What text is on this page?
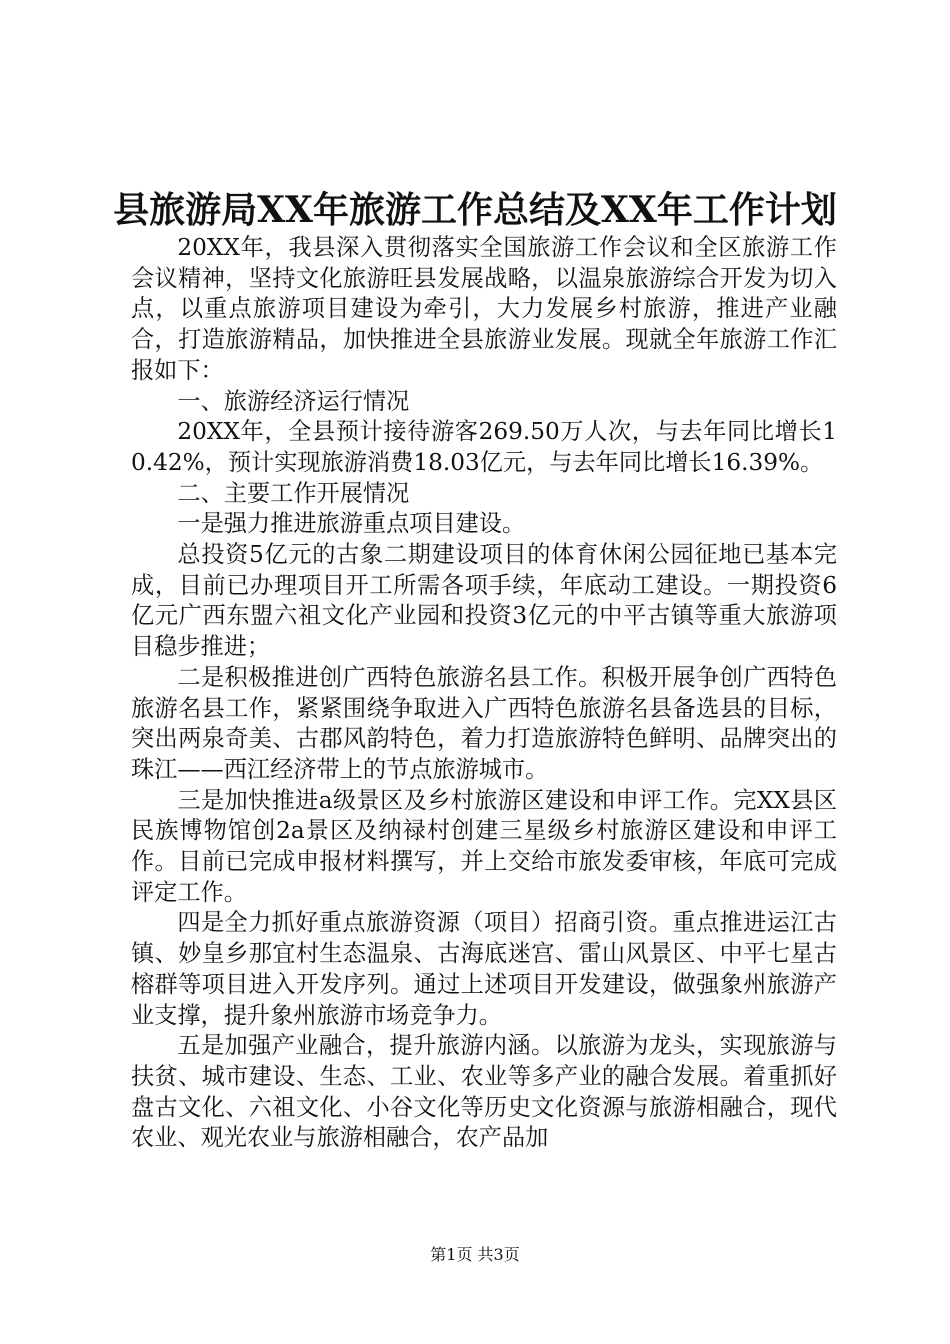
县旅游局XX年旅游工作总结及XX年工作计划

20XX年，我县深入贯彻落实全国旅游工作会议和全区旅游工作会议精神，坚持文化旅游旺县发展战略，以温泉旅游综合开发为切入点，以重点旅游项目建设为牵引，大力发展乡村旅游，推进产业融合，打造旅游精品，加快推进全县旅游业发展。现就全年旅游工作汇报如下：

一、旅游经济运行情况

20XX年，全县预计接待游客269.50万人次，与去年同比增长10.42%，预计实现旅游消费18.03亿元，与去年同比增长16.39%。

二、主要工作开展情况

一是强力推进旅游重点项目建设。

总投资5亿元的古象二期建设项目的体育休闲公园征地已基本完成，目前已办理项目开工所需各项手续，年底动工建设。一期投资6亿元广西东盟六祖文化产业园和投资3亿元的中平古镇等重大旅游项目稳步推进；

二是积极推进创广西特色旅游名县工作。积极开展争创广西特色旅游名县工作，紧紧围绕争取进入广西特色旅游名县备选县的目标，突出两泉奇美、古郡风韵特色，着力打造旅游特色鲜明、品牌突出的珠江——西江经济带上的节点旅游城市。

三是加快推进a级景区及乡村旅游区建设和申评工作。完XX县区民族博物馆创2a景区及纳禄村创建三星级乡村旅游区建设和申评工作。目前已完成申报材料撰写，并上交给市旅发委审核，年底可完成评定工作。

四是全力抓好重点旅游资源（项目）招商引资。重点推进运江古镇、妙皇乡那宜村生态温泉、古海底迷宫、雷山风景区、中平七星古榕群等项目进入开发序列。通过上述项目开发建设，做强象州旅游产业支撑，提升象州旅游市场竞争力。

五是加强产业融合，提升旅游内涵。以旅游为龙头，实现旅游与扶贫、城市建设、生态、工业、农业等多产业的融合发展。着重抓好盘古文化、六祖文化、小谷文化等历史文化资源与旅游相融合，现代农业、观光农业与旅游相融合，农产品加

第1页 共3页
